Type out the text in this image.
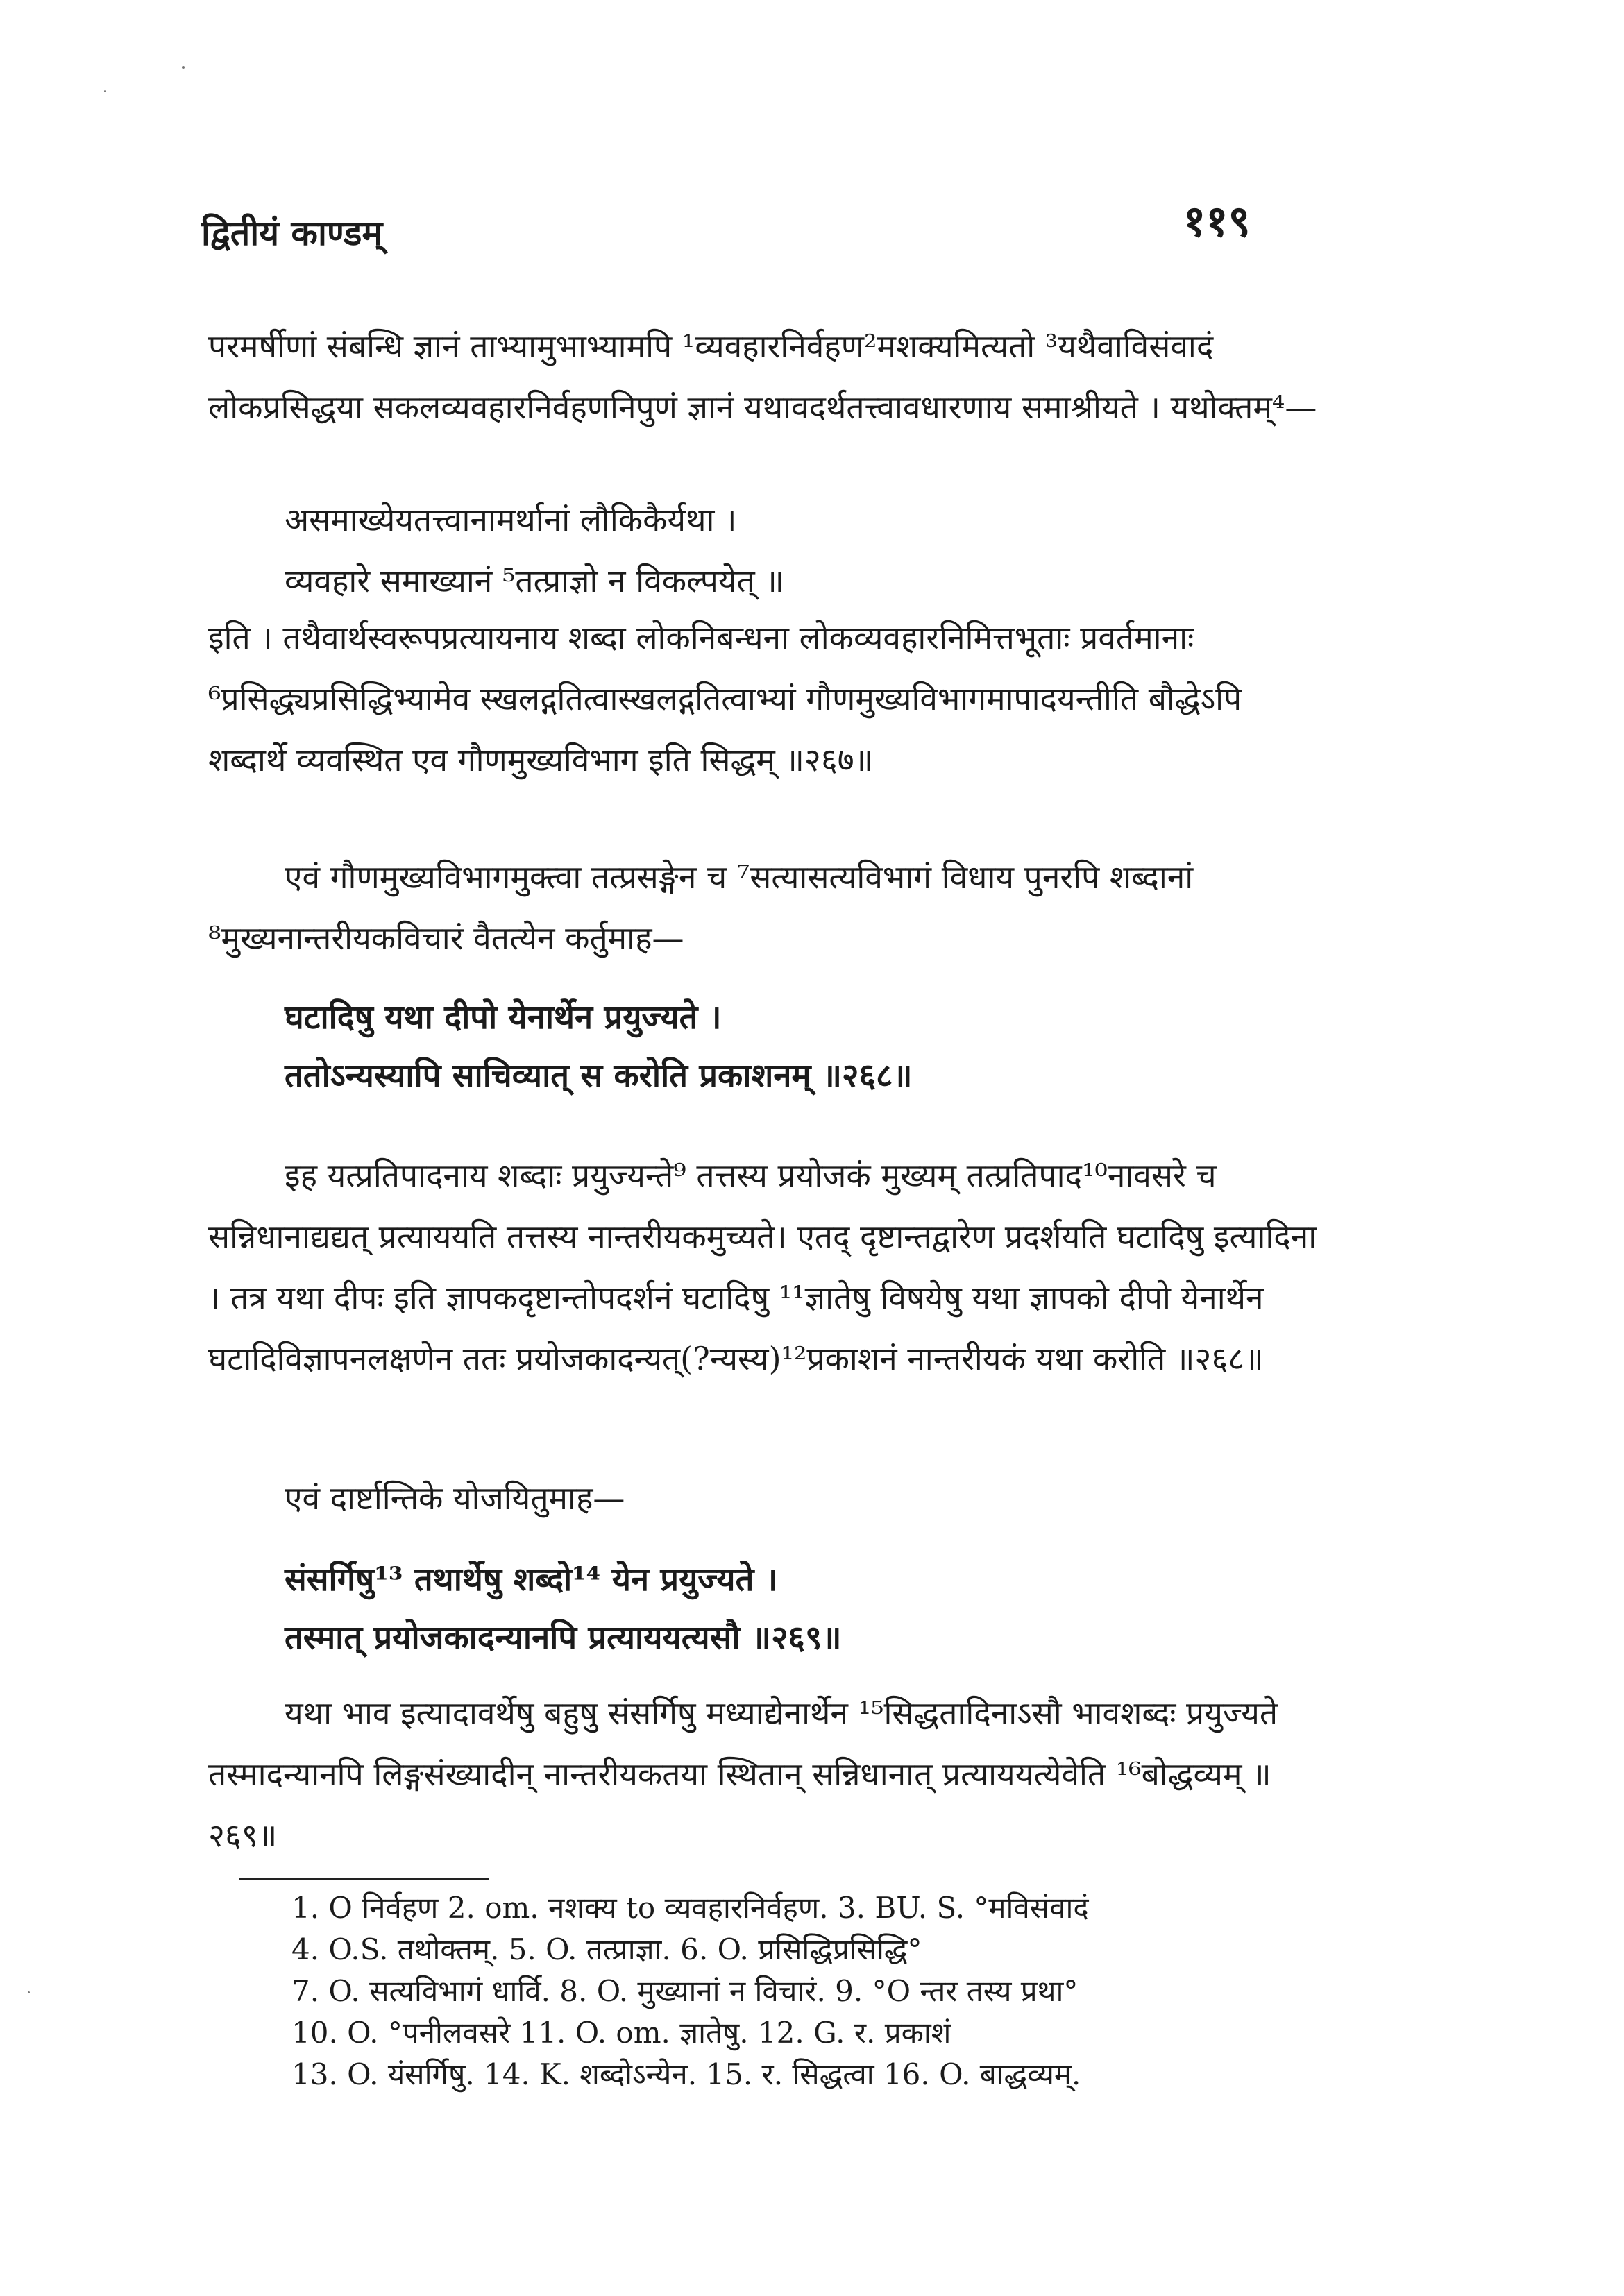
द्वितीयं काण्डम्	११९

परमर्षीणां संबन्धि ज्ञानं ताभ्यामुभाभ्यामपि ¹व्यवहारनिर्वहण²मशक्यमित्यतो ³यथैवाविसंवादं लोकप्रसिद्धया सकलव्यवहारनिर्वहणनिपुणं ज्ञानं यथावदर्थतत्त्वावधारणाय समाश्रीयते । यथोक्तम्⁴—

असमाख्येयतत्त्वानामर्थानां लौकिकैर्यथा ।
व्यवहारे समाख्यानं ⁵तत्प्राज्ञो न विकल्पयेत् ॥

इति । तथैवार्थस्वरूपप्रत्यायनाय शब्दा लोकनिबन्धना लोकव्यवहारनिमित्तभूताः प्रवर्तमानाः ⁶प्रसिद्ध्यप्रसिद्धिभ्यामेव स्खलद्गतित्वास्खलद्गतित्वाभ्यां गौणमुख्यविभागमापादयन्तीति बौद्धेऽपि शब्दार्थे व्यवस्थित एव गौणमुख्यविभाग इति सिद्धम् ॥२६७॥

एवं गौणमुख्यविभागमुक्त्वा तत्प्रसङ्गेन च ⁷सत्यासत्यविभागं विधाय पुनरपि शब्दानां ⁸मुख्यनान्तरीयकविचारं वैतत्येन कर्तुमाह—

घटादिषु यथा दीपो येनार्थेन प्रयुज्यते ।
ततोऽन्यस्यापि साचिव्यात् स करोति प्रकाशनम् ॥२६८॥

इह यत्प्रतिपादनाय शब्दाः प्रयुज्यन्ते⁹ तत्तस्य प्रयोजकं मुख्यम् तत्प्रतिपाद¹⁰नावसरे च सन्निधानाद्यद्यत् प्रत्याययति तत्तस्य नान्तरीयकमुच्यते। एतद् दृष्टान्तद्वारेण प्रदर्शयति घटादिषु इत्यादिना । तत्र यथा दीपः इति ज्ञापकदृष्टान्तोपदर्शनं घटादिषु ¹¹ज्ञातेषु विषयेषु यथा ज्ञापको दीपो येनार्थेन घटादिविज्ञापनलक्षणेन ततः प्रयोजकादन्यत्(?न्यस्य)¹²प्रकाशनं नान्तरीयकं यथा करोति ॥२६८॥

एवं दार्ष्टान्तिके योजयितुमाह—

संसर्गिषु¹³ तथार्थेषु शब्दो¹⁴ येन प्रयुज्यते ।
तस्मात् प्रयोजकादन्यानपि प्रत्याययत्यसौ ॥२६९॥

यथा भाव इत्यादावर्थेषु बहुषु संसर्गिषु मध्याद्येनार्थेन ¹⁵सिद्धतादिनाऽसौ भावशब्दः प्रयुज्यते तस्मादन्यानपि लिङ्गसंख्यादीन् नान्तरीयकतया स्थितान् सन्निधानात् प्रत्याययत्येवेति ¹⁶बोद्धव्यम् ॥२६९॥

1. O निर्वहण 2. om. नशक्य to व्यवहारनिर्वहण. 3. BU. S. °मविसंवादं
4. O.S. तथोक्तम्. 5. O. तत्प्राज्ञा. 6. O. प्रसिद्धिप्रसिद्धि°
7. O. सत्यविभागं धार्वि. 8. O. मुख्यानां न विचारं. 9. °O न्तर तस्य प्रथा°
10. O. °पनीलवसरे 11. O. om. ज्ञातेषु. 12. G. र. प्रकाशं
13. O. यंसर्गिषु. 14. K. शब्दोऽन्येन. 15. र. सिद्धत्वा 16. O. बाद्धव्यम्.
